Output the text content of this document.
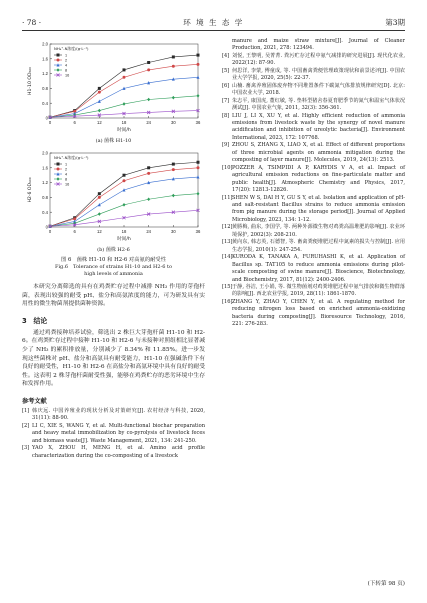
· 78 ·	环 境 生 态 学	第3期
0
0.4
0.8
1.2
1.6
2.0
0	6	12	18	24	30	36
时间/h
H1-10 OD₆₀₀
NH₄⁺-N浓度/(g·L⁻¹)
1
2
4
8
16
(a) 菌株 H1-10
0
0.4
0.8
1.2
1.6
2.0
0	6	12	18	24	30	36
时间/h
H2-6 OD₆₀₀
NH₄⁺-N浓度/(g·L⁻¹)
1
2
4
8
16
(b) 菌株 H2-6
图 6　菌株 H1-10 和 H2-6 对高氨的耐受性
Fig.6　Tolerance of strains H1-10 and H2-6 to
high levels of ammonia

本研究分离筛选的具有在鸡粪贮存过程中减排 NH₃ 作用的芽孢杆菌，表现出较强的耐受 pH、盐分和高氨浓度的能力，可为研发具有实用性的微生物菌剂提供菌种资源。

3　结论

通过鸡粪接种培养试验，筛选出 2 株巨大芽孢杆菌 H1-10 和 H2-6。在鸡粪贮存过程中接种 H1-10 和 H2-6 与未接种对照组相比显著减少了 NH₃ 的累积排放量，分别减少了 8.34% 和 11.85%。进一步发现这些菌株对 pH、盐分和高氨具有耐受能力，H1-10 在强碱条件下有良好的耐受性，H1-10 和 H2-6 在高盐分和高氨环境中具有良好的耐受性。这表明 2 株芽孢杆菌耐受性强，能够在鸡粪贮存的恶劣环境中生存和发挥作用。

参考文献
[1] 韩庆远. 中国养殖业的现状分析及对策研究[J]. 农村经济与科技, 2020, 31(11): 88-90.
[2] LI C, XIE S, WANG Y, et al. Multi-functional biochar preparation and heavy metal immobilization by co-pyrolysis of livestock feces and biomass waste[J]. Waste Management, 2021, 134: 241-250.
[3] YAO X, ZHOU H, MENG H, et al. Amino acid profile characterization during the co-composting of a livestock
manure and maize straw mixture[J]. Journal of Cleaner Production, 2021, 278: 123494.
[4] 刘悦, 王黎明, 吴菁菁. 粪污贮存过程中氨气减排的研究进展[J]. 现代化农业, 2022(12): 87-90.
[5] 何思洋, 李蒙, 傅童成, 等. 中国畜禽粪便管理政策现状和前景述评[J]. 中国农业大学学报, 2020, 25(5): 22-37.
[6] 山楠. 畜禽养殖固体废弃物不同堆置条件下碳氮气体排放规律研究[D]. 北京: 中国农业大学, 2018.
[7] 朱志平, 康国虎, 董红敏, 等. 垫料型猪舍春夏育肥季节的氮气和温室气体状况测试[J]. 中国农业气象, 2011, 32(3): 356-361.
[8] LIU J, LI X, XU Y, et al. Highly efficient reduction of ammonia emissions from livestock waste by the synergy of novel manure acidification and inhibition of ureolytic bacteria[J]. Environment International, 2023, 172: 107768.
[9] ZHOU S, ZHANG X, LIAO X, et al. Effect of different proportions of three microbial agents on ammonia mitigation during the composting of layer manure[J]. Molecules, 2019, 24(13): 2513.
[10] POZZER A, TSIMPIDI A P, KARYDIS V A, et al. Impact of agricultural emission reductions on fine-particulate matter and public health[J]. Atmospheric Chemistry and Physics, 2017, 17(20): 12813-12826.
[11] SHEN W S, DAI H Y, GU S Y, et al. Isolation and application of pH- and salt-resistant Bacillus strains to reduce ammonia emission from pig manure during the storage period[J]. Journal of Applied Microbiology, 2023, 134: 1-12.
[12] 黄勝梅, 曲东, 李国学, 等. 两种外源微生物对鸡粪高温堆肥的影响[J]. 农业环境保护, 2002(3): 208-210.
[13] 黄向东, 韩志英, 石德智, 等. 畜禽粪便堆肥过程中氮素的损失与控制[J]. 应用生态学报, 2010(1): 247-254.
[14] KURODA K, TANAKA A, FURUHASHI K, et al. Application of Bacillus sp. TAT105 to reduce ammonia emissions during pilot-scale composting of swine manure[J]. Bioscience, Biotechnology, and Biochemistry, 2017, 81(12): 2400-2406.
[15] 于静, 谷洁, 王小娟, 等. 微生物菌剂对鸡粪堆肥过程中氨气排放和微生物群落的影响[J]. 西北农业学报, 2019, 28(11): 1861-1870.
[16] ZHANG Y, ZHAO Y, CHEN Y, et al. A regulating method for reducing nitrogen loss based on enriched ammonia-oxidizing bacteria during composting[J]. Bioresource Technology, 2016, 221: 276-283.
(下转第 98 页)
